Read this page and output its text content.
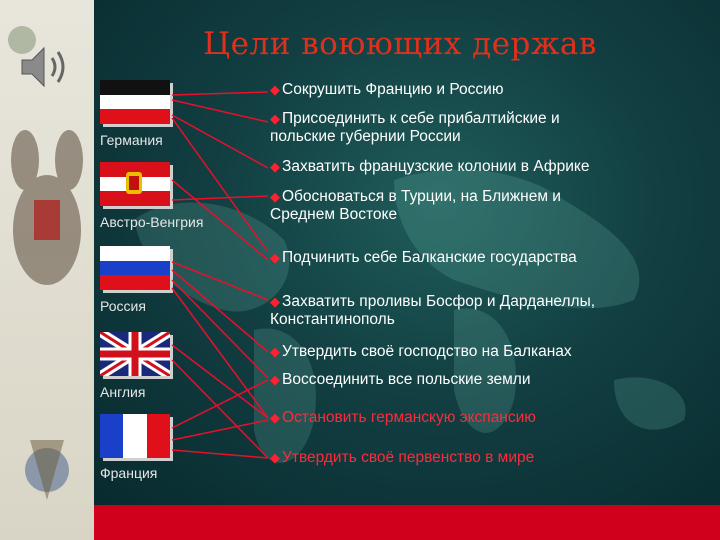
Цели воюющих держав
Германия
Австро-Венгрия
Россия
Англия
Франция
◆ Сокрушить Францию и Россию
◆ Присоединить к себе прибалтийские и
польские губернии России
◆ Захватить французские колонии в Африке
◆ Обосноваться в Турции, на Ближнем и
Среднем Востоке
◆ Подчинить себе Балканские государства
◆ Захватить проливы Босфор и Дарданеллы,
Константинополь
◆ Утвердить своё господство на Балканах
◆ Воссоединить все польские земли
◆ Остановить германскую экспансию
◆ Утвердить своё первенство в мире
